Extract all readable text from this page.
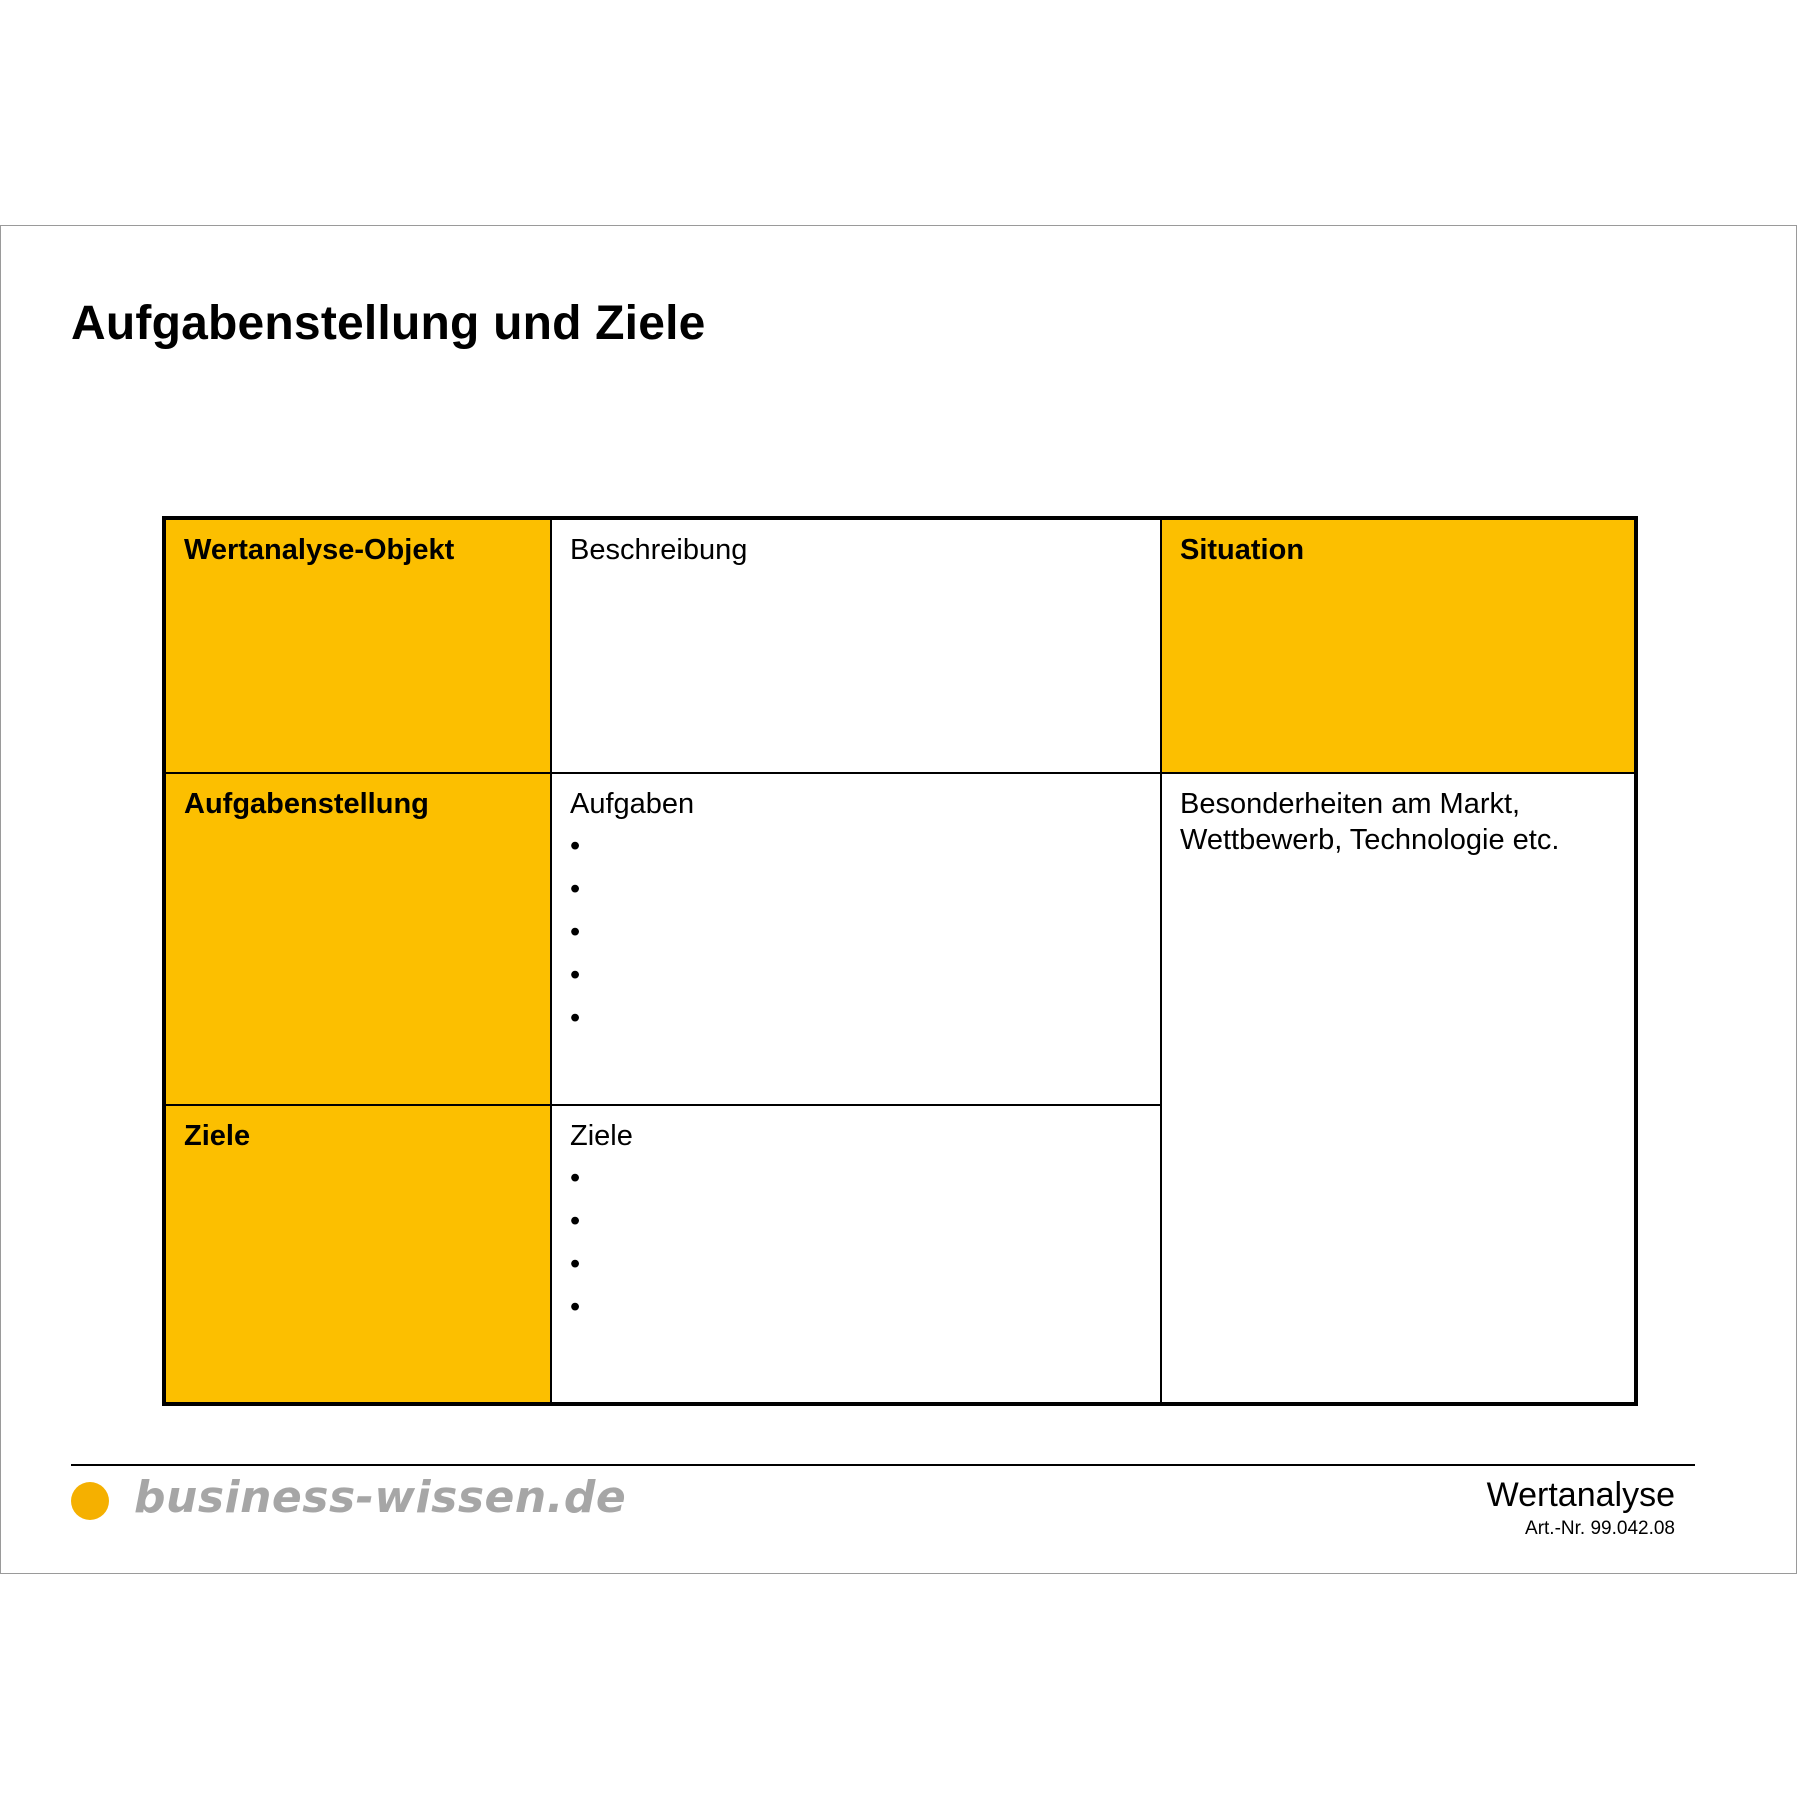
Aufgabenstellung und Ziele
Wertanalyse-Objekt	Beschreibung	Situation
Aufgabenstellung	Aufgaben
•
•
•
•
•	Besonderheiten am Markt,
Wettbewerb, Technologie etc.
Ziele	Ziele
•
•
•
•
business-wissen.de	Wertanalyse
Art.-Nr. 99.042.08
